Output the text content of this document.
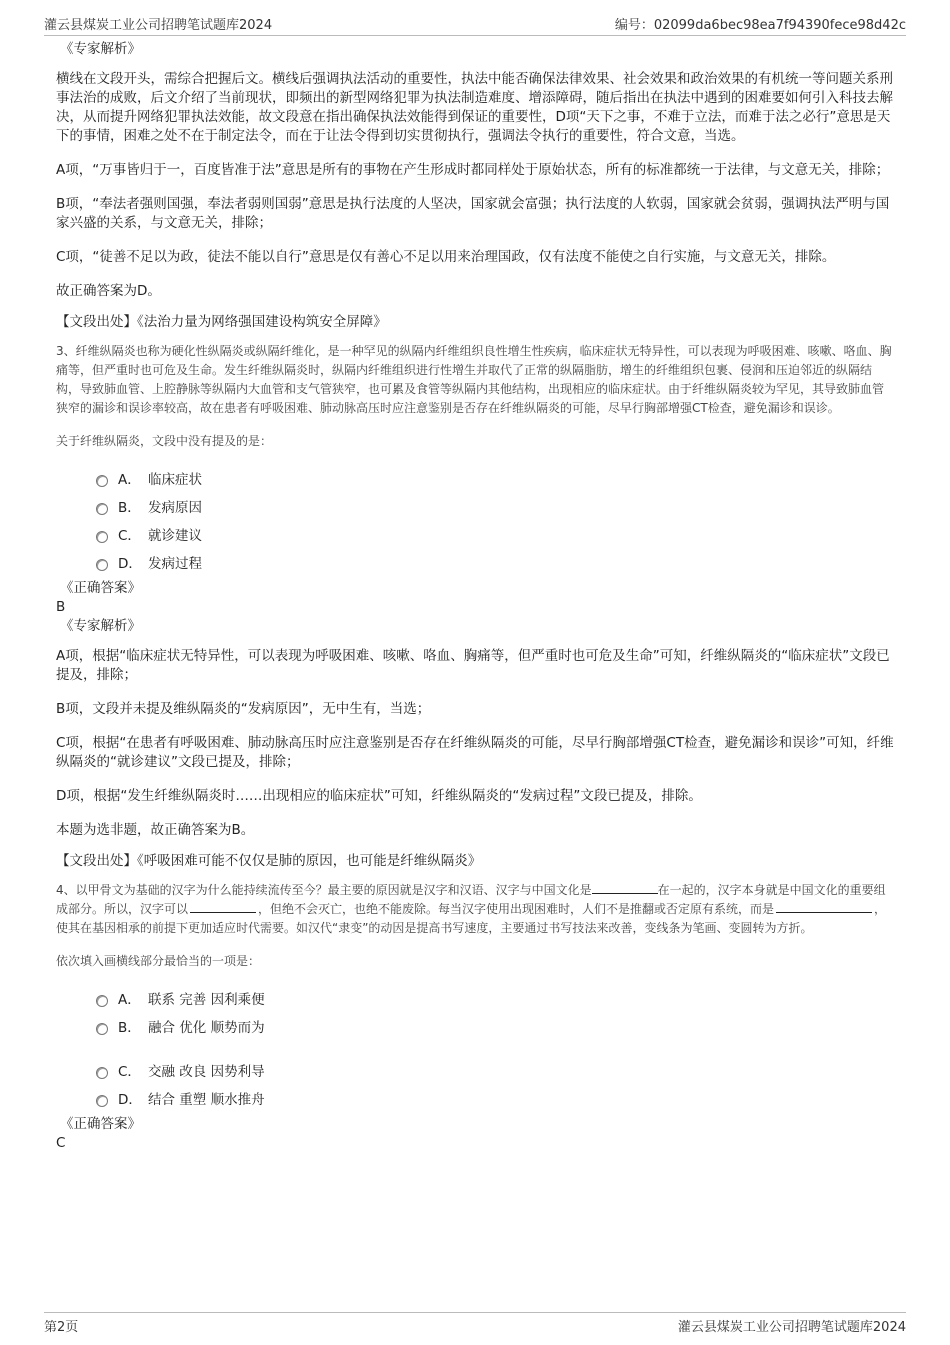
灌云县煤炭工业公司招聘笔试题库2024	编号：02099da6bec98ea7f94390fece98d42c

《专家解析》

横线在文段开头，需综合把握后文。横线后强调执法活动的重要性，执法中能否确保法律效果、社会效果和政治效果的有机统一等问题关系刑事法治的成败，后文介绍了当前现状，即频出的新型网络犯罪为执法制造难度、增添障碍，随后指出在执法中遇到的困难要如何引入科技去解决，从而提升网络犯罪执法效能，故文段意在指出确保执法效能得到保证的重要性，D项“天下之事，不难于立法，而难于法之必行”意思是天下的事情，困难之处不在于制定法令，而在于让法令得到切实贯彻执行，强调法令执行的重要性，符合文意，当选。

A项，“万事皆归于一，百度皆准于法”意思是所有的事物在产生形成时都同样处于原始状态，所有的标准都统一于法律，与文意无关，排除；

B项，“奉法者强则国强，奉法者弱则国弱”意思是执行法度的人坚决，国家就会富强；执行法度的人软弱，国家就会贫弱，强调执法严明与国家兴盛的关系，与文意无关，排除；

C项，“徒善不足以为政，徒法不能以自行”意思是仅有善心不足以用来治理国政，仅有法度不能使之自行实施，与文意无关，排除。

故正确答案为D。

【文段出处】《法治力量为网络强国建设构筑安全屏障》

3、纤维纵隔炎也称为硬化性纵隔炎或纵隔纤维化，是一种罕见的纵隔内纤维组织良性增生性疾病，临床症状无特异性，可以表现为呼吸困难、咳嗽、咯血、胸痛等，但严重时也可危及生命。发生纤维纵隔炎时，纵隔内纤维组织进行性增生并取代了正常的纵隔脂肪，增生的纤维组织包裹、侵润和压迫邻近的纵隔结构，导致肺血管、上腔静脉等纵隔内大血管和支气管狭窄，也可累及食管等纵隔内其他结构，出现相应的临床症状。由于纤维纵隔炎较为罕见，其导致肺血管狭窄的漏诊和误诊率较高，故在患者有呼吸困难、肺动脉高压时应注意鉴别是否存在纤维纵隔炎的可能，尽早行胸部增强CT检查，避免漏诊和误诊。

关于纤维纵隔炎，文段中没有提及的是：

A． 临床症状
B． 发病原因
C． 就诊建议
D． 发病过程

《正确答案》

B

《专家解析》

A项，根据“临床症状无特异性，可以表现为呼吸困难、咳嗽、咯血、胸痛等，但严重时也可危及生命”可知，纤维纵隔炎的“临床症状”文段已提及，排除；

B项，文段并未提及维纵隔炎的“发病原因”，无中生有，当选；

C项，根据“在患者有呼吸困难、肺动脉高压时应注意鉴别是否存在纤维纵隔炎的可能，尽早行胸部增强CT检查，避免漏诊和误诊”可知，纤维纵隔炎的“就诊建议”文段已提及，排除；

D项，根据“发生纤维纵隔炎时……出现相应的临床症状”可知，纤维纵隔炎的“发病过程”文段已提及，排除。

本题为选非题，故正确答案为B。

【文段出处】《呼吸困难可能不仅仅是肺的原因，也可能是纤维纵隔炎》

4、以甲骨文为基础的汉字为什么能持续流传至今？最主要的原因就是汉字和汉语、汉字与中国文化是	在一起的，汉字本身就是中国文化的重要组成部分。所以，汉字可以	，但绝不会灭亡，也绝不能废除。每当汉字使用出现困难时，人们不是推翻或否定原有系统，而是	，使其在基因相承的前提下更加适应时代需要。如汉代“隶变”的动因是提高书写速度，主要通过书写技法来改善，变线条为笔画、变圆转为方折。

依次填入画横线部分最恰当的一项是：

A． 联系 完善 因利乘便
B． 融合 优化 顺势而为
C． 交融 改良 因势利导
D． 结合 重塑 顺水推舟

《正确答案》

C

第2页	灌云县煤炭工业公司招聘笔试题库2024
